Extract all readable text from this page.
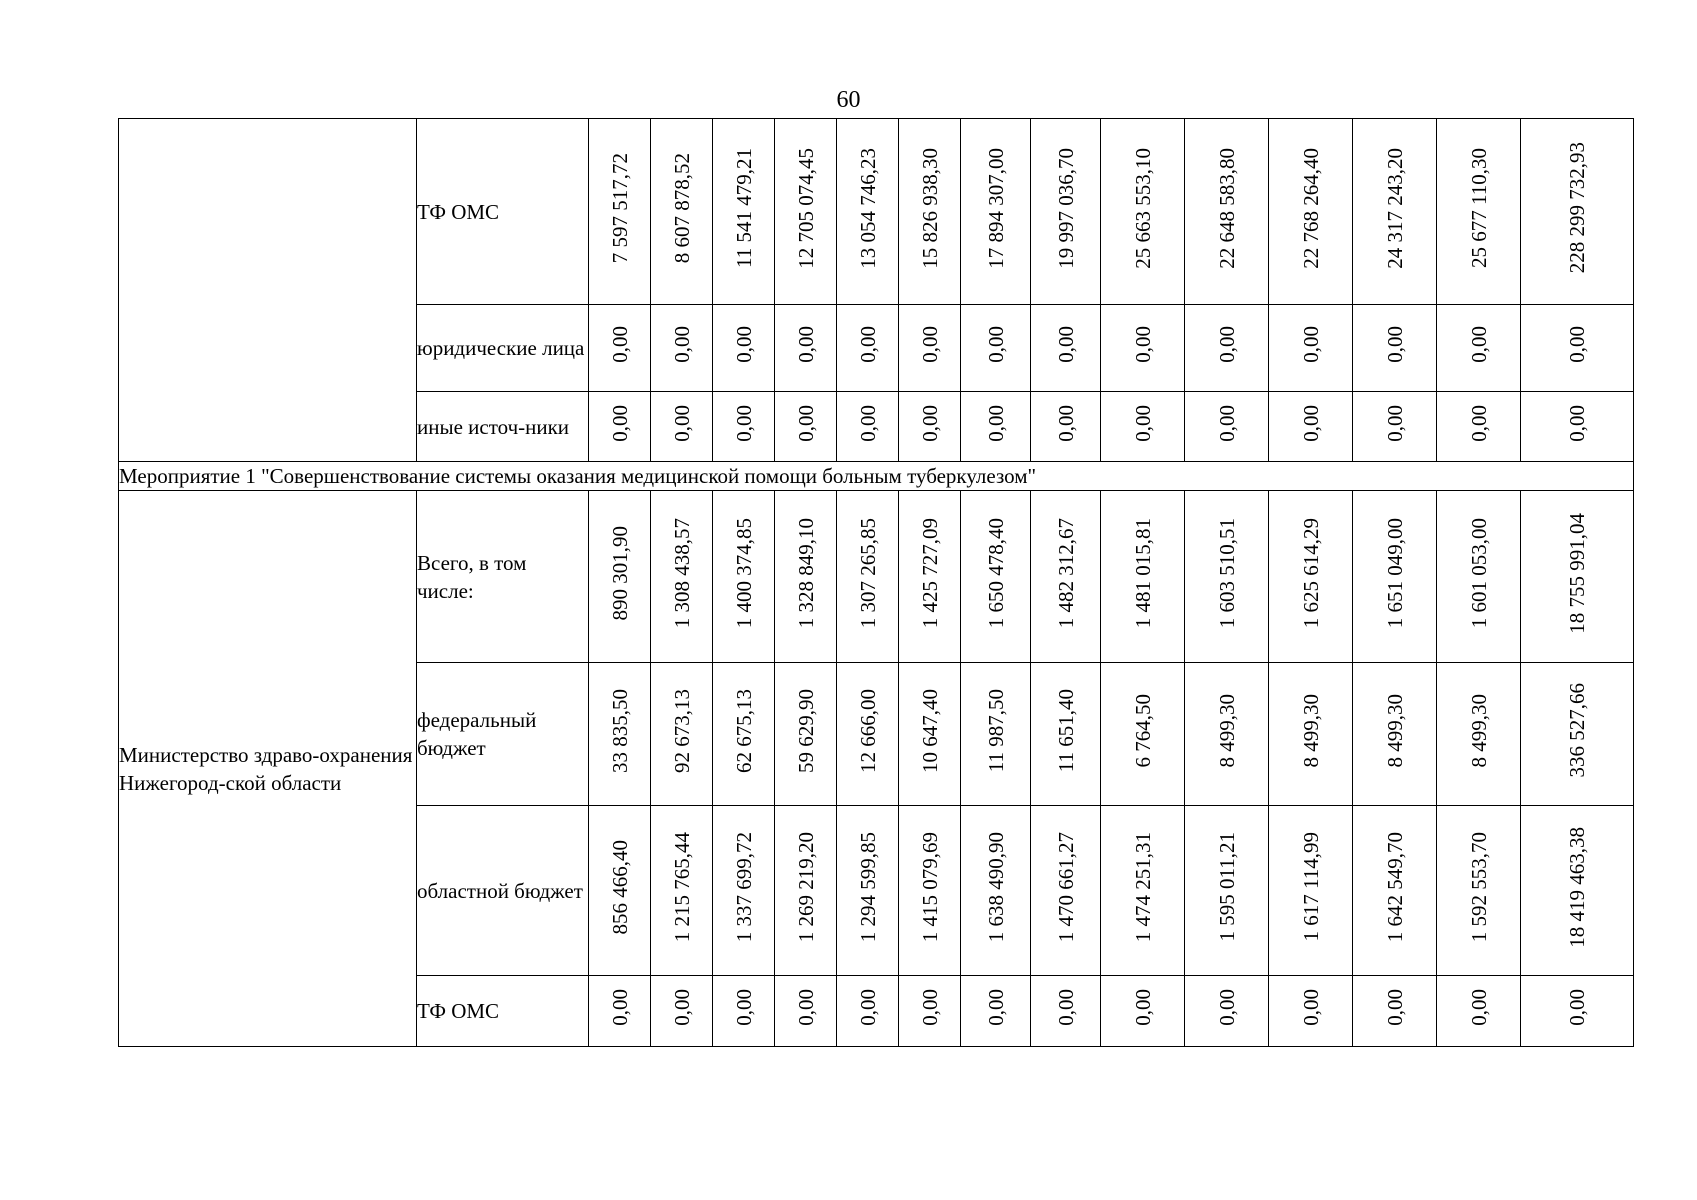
60
	ТФ ОМС	7 597 517,72	8 607 878,52	11 541 479,21	12 705 074,45	13 054 746,23	15 826 938,30	17 894 307,00	19 997 036,70	25 663 553,10	22 648 583,80	22 768 264,40	24 317 243,20	25 677 110,30	228 299 732,93
	юридические лица	0,00	0,00	0,00	0,00	0,00	0,00	0,00	0,00	0,00	0,00	0,00	0,00	0,00	0,00
	иные источ-ники	0,00	0,00	0,00	0,00	0,00	0,00	0,00	0,00	0,00	0,00	0,00	0,00	0,00	0,00
Мероприятие 1 "Совершенствование системы оказания медицинской помощи больным туберкулезом"															
Министерство здраво-охранения Нижегород-ской области	Всего, в том числе:	890 301,90	1 308 438,57	1 400 374,85	1 328 849,10	1 307 265,85	1 425 727,09	1 650 478,40	1 482 312,67	1 481 015,81	1 603 510,51	1 625 614,29	1 651 049,00	1 601 053,00	18 755 991,04
	федеральный бюджет	33 835,50	92 673,13	62 675,13	59 629,90	12 666,00	10 647,40	11 987,50	11 651,40	6 764,50	8 499,30	8 499,30	8 499,30	8 499,30	336 527,66
	областной бюджет	856 466,40	1 215 765,44	1 337 699,72	1 269 219,20	1 294 599,85	1 415 079,69	1 638 490,90	1 470 661,27	1 474 251,31	1 595 011,21	1 617 114,99	1 642 549,70	1 592 553,70	18 419 463,38
	ТФ ОМС	0,00	0,00	0,00	0,00	0,00	0,00	0,00	0,00	0,00	0,00	0,00	0,00	0,00	0,00
